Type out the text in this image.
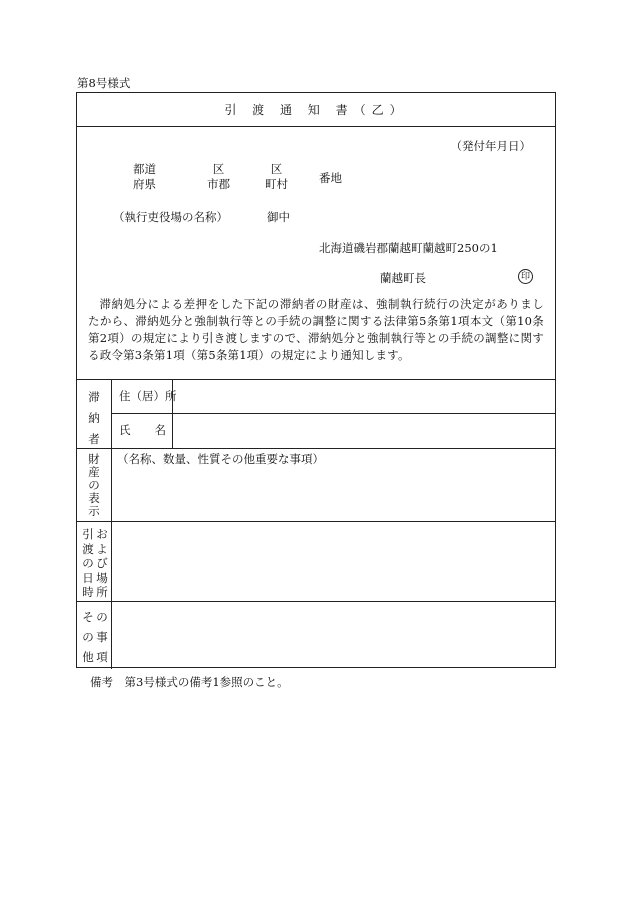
第8号様式
引 渡 通 知 書（乙）
（発付年月日）
都道
府県
区
市郡
区
町村	番地
（執行吏役場の名称）	御中
北海道磯岩郡蘭越町蘭越町250の1
蘭越町長
滞納処分による差押をした下記の滞納者の財産は、強制執行続行の決定がありましたから、滞納処分と強制執行等との手続の調整に関する法律第5条第1項本文（第10条第2項）の規定により引き渡しますので、滞納処分と強制執行等との手続の調整に関する政令第3条第1項（第5条第1項）の規定により通知します。
滞
納
者
住（居）所
氏 名
財
産
の
表
示
（名称、数量、性質その他重要な事項）
引
渡
の
日
時
お
よ
び
場
所
そ
の
他
の
事
項
印
備考　第3号様式の備考1参照のこと。
